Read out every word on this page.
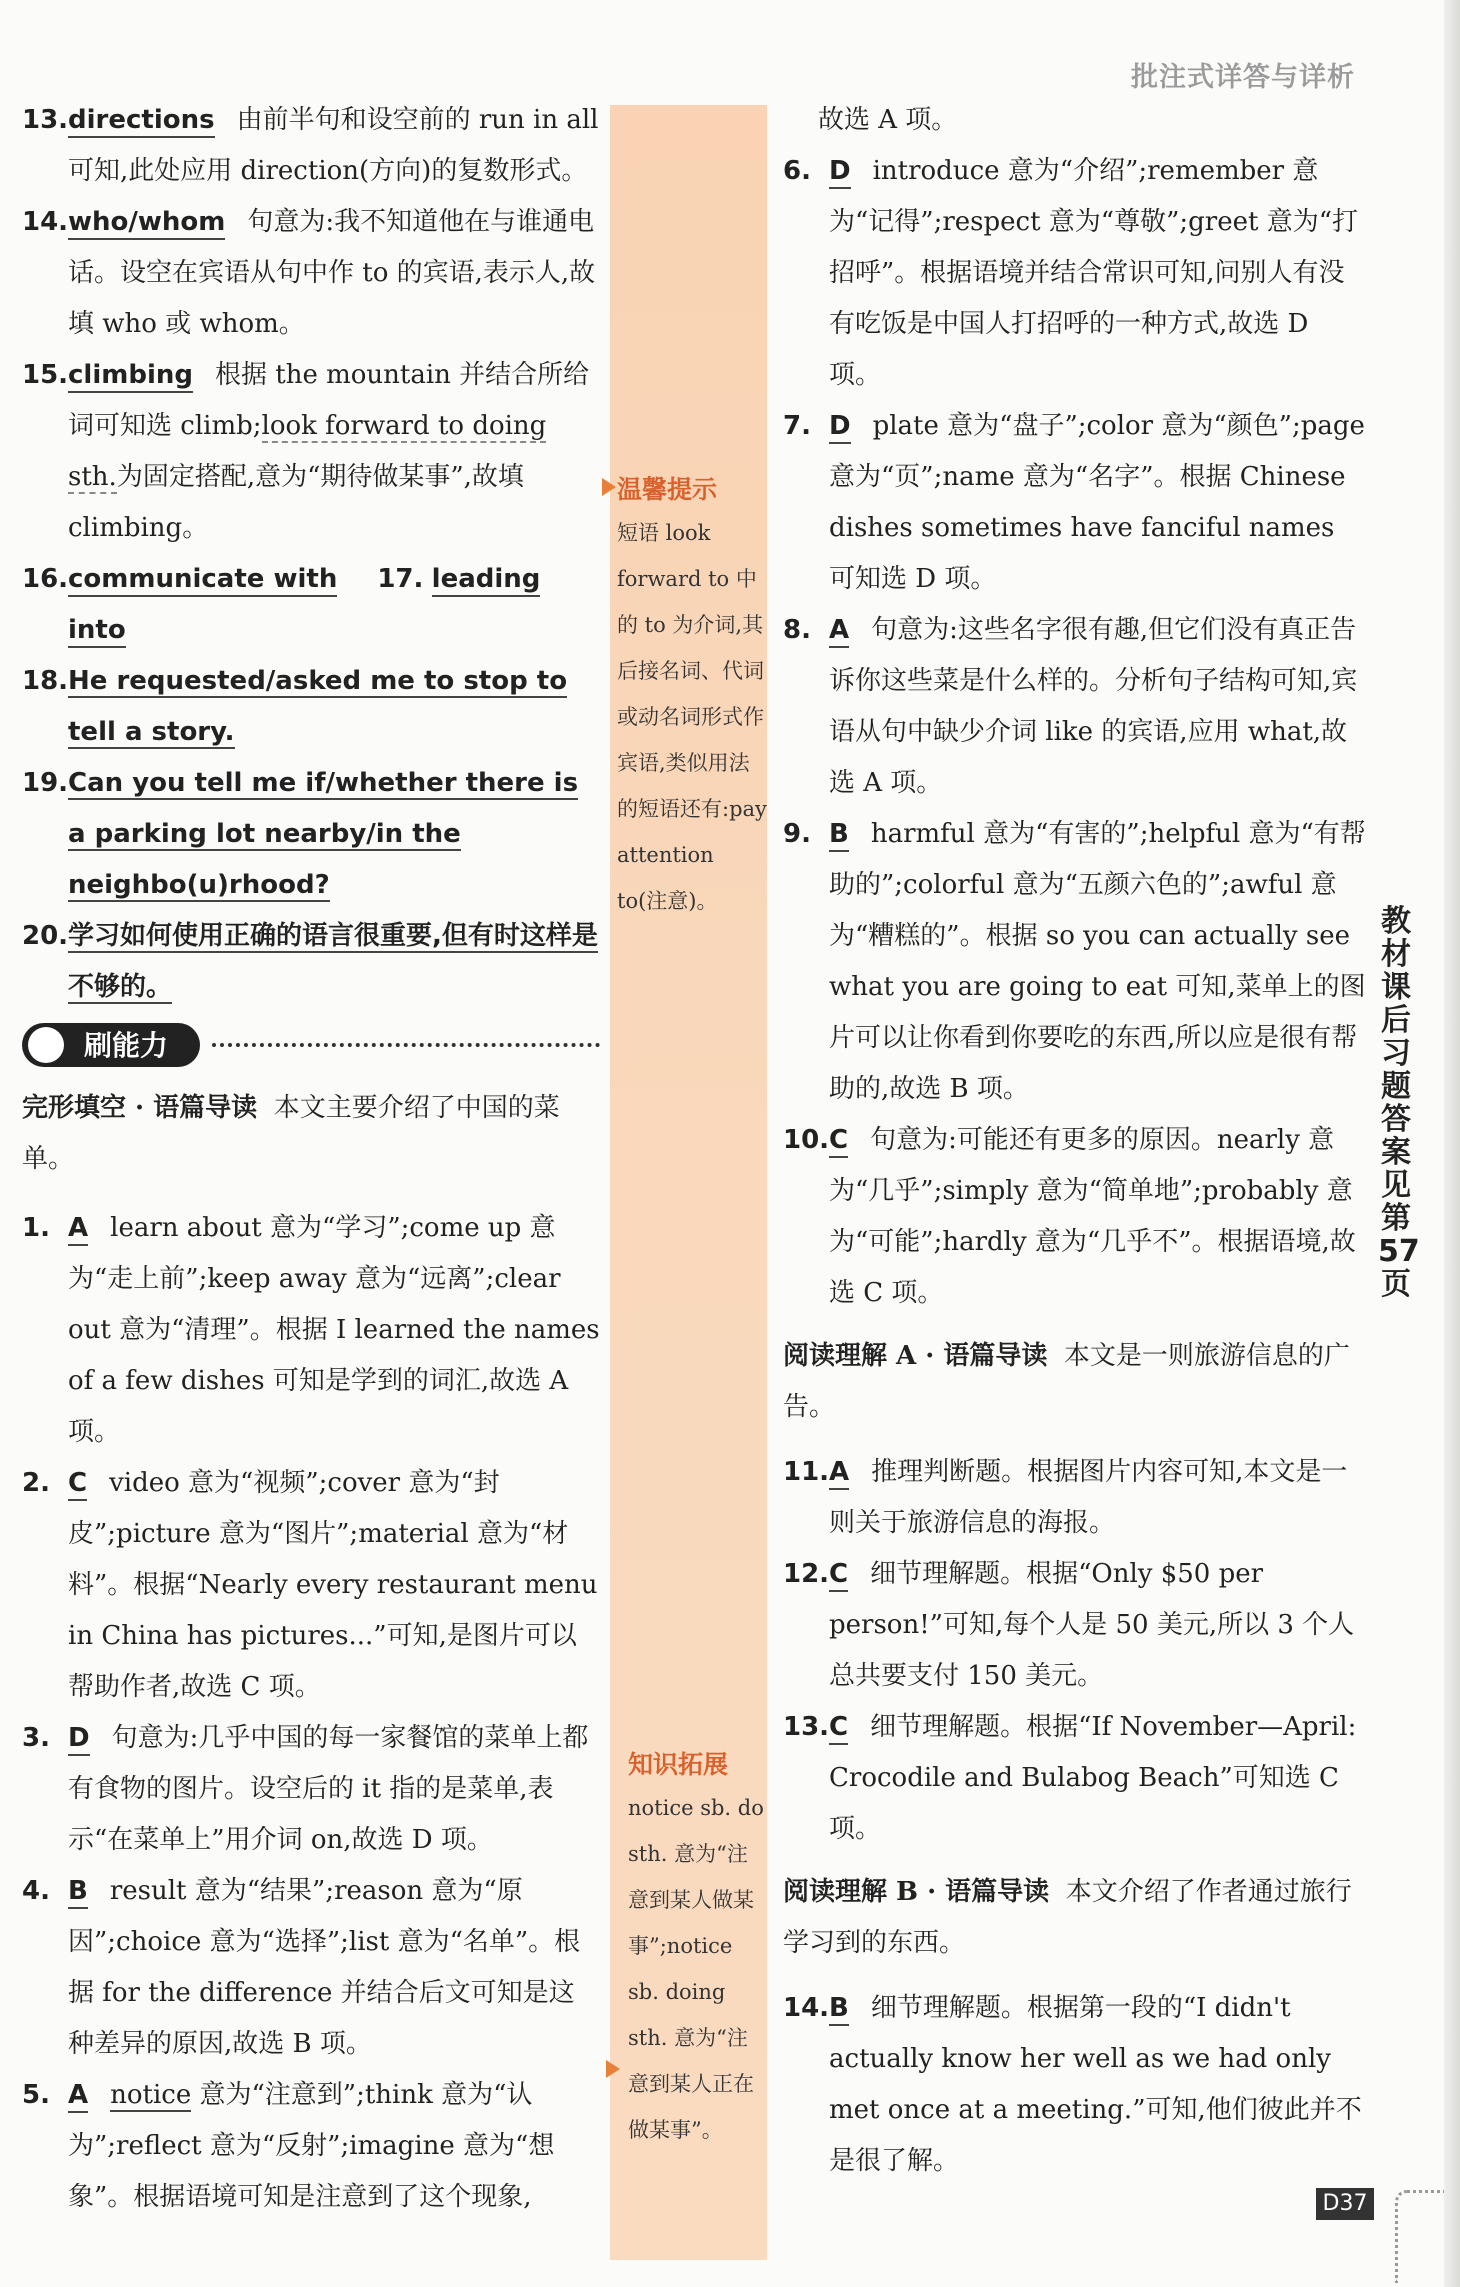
批注式详答与详析
13. directions 由前半句和设空前的 run in all 可知,此处应用 direction(方向)的复数形式。
14. who/whom 句意为:我不知道他在与谁通电话。设空在宾语从句中作 to 的宾语,表示人,故填 who 或 whom。
15. climbing 根据 the mountain 并结合所给词可知选 climb;look forward to doing sth.为固定搭配,意为“期待做某事”,故填 climbing。
16. communicate with 17. leading into
18. He requested/asked me to stop to tell a story.
19. Can you tell me if/whether there is a parking lot nearby/in the neighbo(u)rhood?
20. 学习如何使用正确的语言很重要,但有时这样是不够的。
刷能力
完形填空 · 语篇导读 本文主要介绍了中国的菜单。
1. A learn about 意为“学习”;come up 意为“走上前”;keep away 意为“远离”;clear out 意为“清理”。根据 I learned the names of a few dishes 可知是学到的词汇,故选 A 项。
2. C video 意为“视频”;cover 意为“封皮”;picture 意为“图片”;material 意为“材料”。根据“Nearly every restaurant menu in China has pictures...”可知,是图片可以帮助作者,故选 C 项。
3. D 句意为:几乎中国的每一家餐馆的菜单上都有食物的图片。设空后的 it 指的是菜单,表示“在菜单上”用介词 on,故选 D 项。
4. B result 意为“结果”;reason 意为“原因”;choice 意为“选择”;list 意为“名单”。根据 for the difference 并结合后文可知是这种差异的原因,故选 B 项。
5. A notice 意为“注意到”;think 意为“认为”;reflect 意为“反射”;imagine 意为“想象”。根据语境可知是注意到了这个现象,
温馨提示
短语 look forward to 中的 to 为介词,其后接名词、代词或动名词形式作宾语,类似用法的短语还有:pay attention to(注意)。
知识拓展
notice sb. do sth. 意为“注意到某人做某事”;notice sb. doing sth. 意为“注意到某人正在做某事”。
故选 A 项。
6. D introduce 意为“介绍”;remember 意为“记得”;respect 意为“尊敬”;greet 意为“打招呼”。根据语境并结合常识可知,问别人有没有吃饭是中国人打招呼的一种方式,故选 D 项。
7. D plate 意为“盘子”;color 意为“颜色”;page 意为“页”;name 意为“名字”。根据 Chinese dishes sometimes have fanciful names 可知选 D 项。
8. A 句意为:这些名字很有趣,但它们没有真正告诉你这些菜是什么样的。分析句子结构可知,宾语从句中缺少介词 like 的宾语,应用 what,故选 A 项。
9. B harmful 意为“有害的”;helpful 意为“有帮助的”;colorful 意为“五颜六色的”;awful 意为“糟糕的”。根据 so you can actually see what you are going to eat 可知,菜单上的图片可以让你看到你要吃的东西,所以应是很有帮助的,故选 B 项。
10. C 句意为:可能还有更多的原因。nearly 意为“几乎”;simply 意为“简单地”;probably 意为“可能”;hardly 意为“几乎不”。根据语境,故选 C 项。
阅读理解 A · 语篇导读 本文是一则旅游信息的广告。
11. A 推理判断题。根据图片内容可知,本文是一则关于旅游信息的海报。
12. C 细节理解题。根据“Only $50 per person!”可知,每个人是 50 美元,所以 3 个人总共要支付 150 美元。
13. C 细节理解题。根据“If November—April: Crocodile and Bulabog Beach”可知选 C 项。
阅读理解 B · 语篇导读 本文介绍了作者通过旅行学习到的东西。
14. B 细节理解题。根据第一段的“I didn't actually know her well as we had only met once at a meeting.”可知,他们彼此并不是很了解。
教材课后习题答案见第57页
D37
